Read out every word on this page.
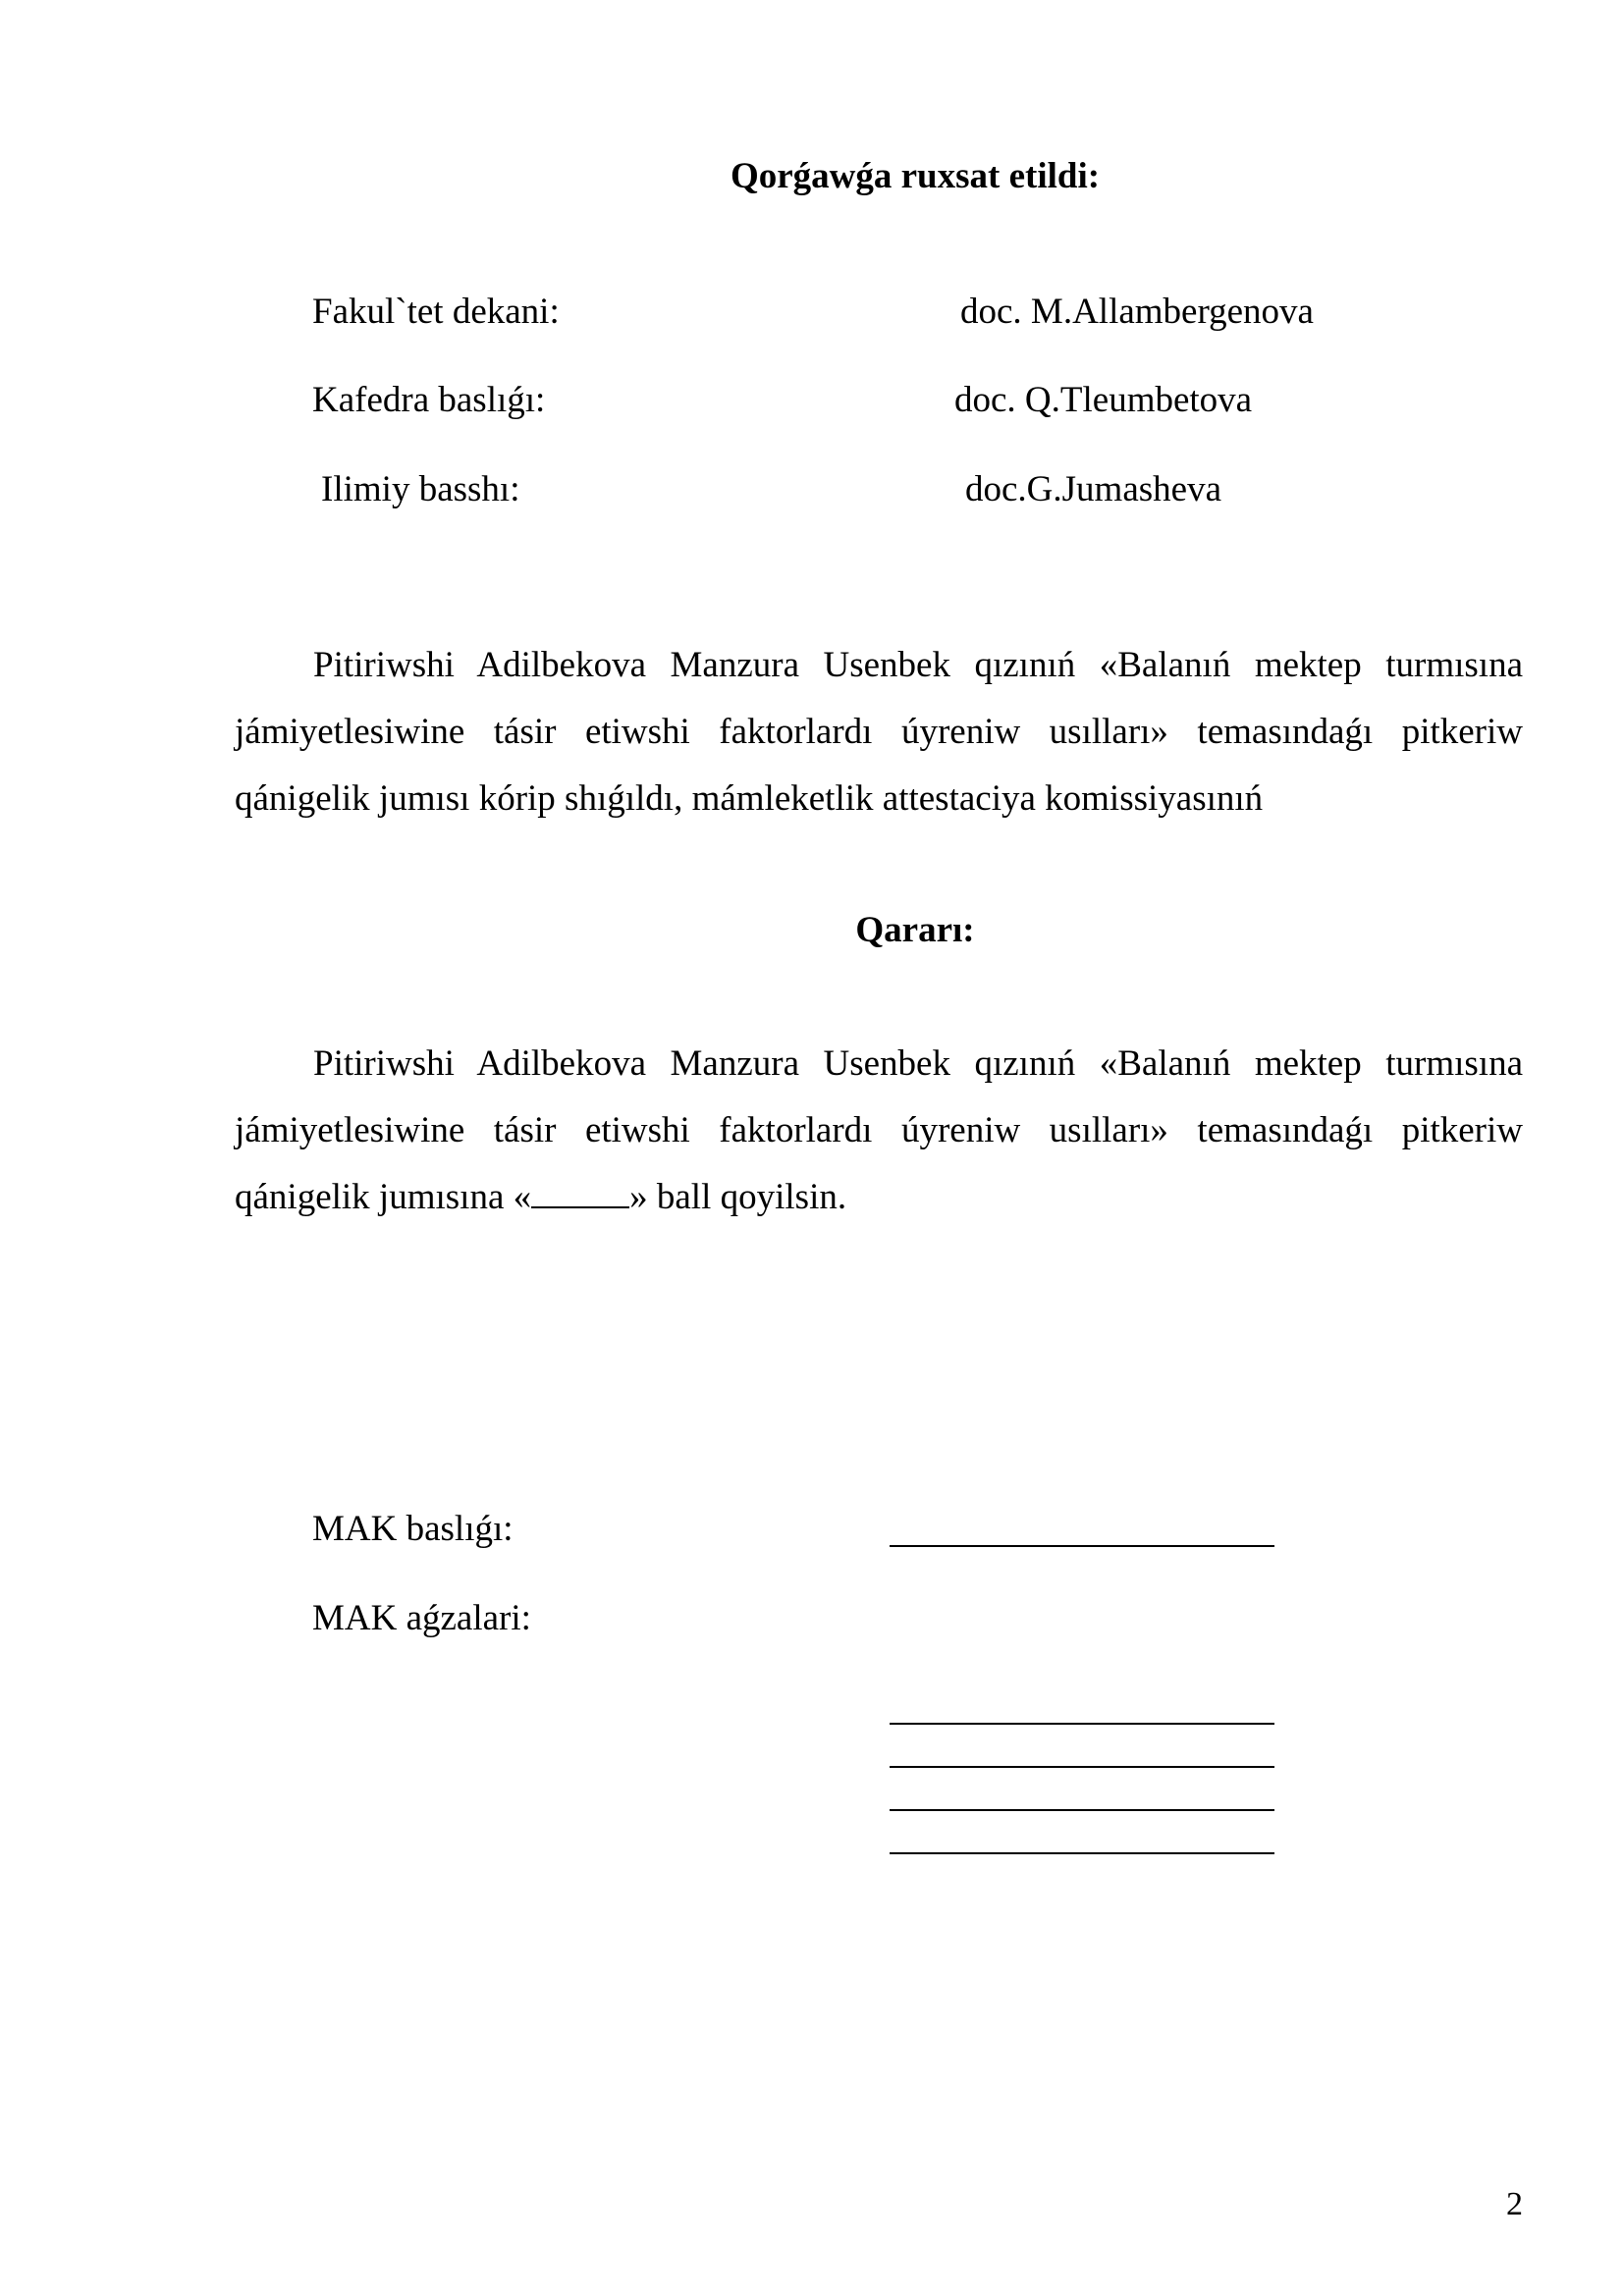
Qorǵawǵa ruxsat etildi:
Fakul`tet dekani:	doc. M.Allambergenova
Kafedra baslıǵı:	doc. Q.Tleumbetova
Ilimiy basshı:	doc.G.Jumasheva
Pitiriwshi Adilbekova Manzura Usenbek qızınıń «Balanıń mektep turmısına jámiyetlesiwine tásir etiwshi faktorlardı úyreniw usılları» temasındaǵı pitkeriw qánigelik jumısı kórip shıǵıldı, mámleketlik attestaciya komissiyasınıń
Qararı:
Pitiriwshi Adilbekova Manzura Usenbek qızınıń «Balanıń mektep turmısına jámiyetlesiwine tásir etiwshi faktorlardı úyreniw usılları» temasındaǵı pitkeriw qánigelik jumısına «	» ball qoyilsin.
MAK baslıǵı:
MAK aǵzalari:
2
